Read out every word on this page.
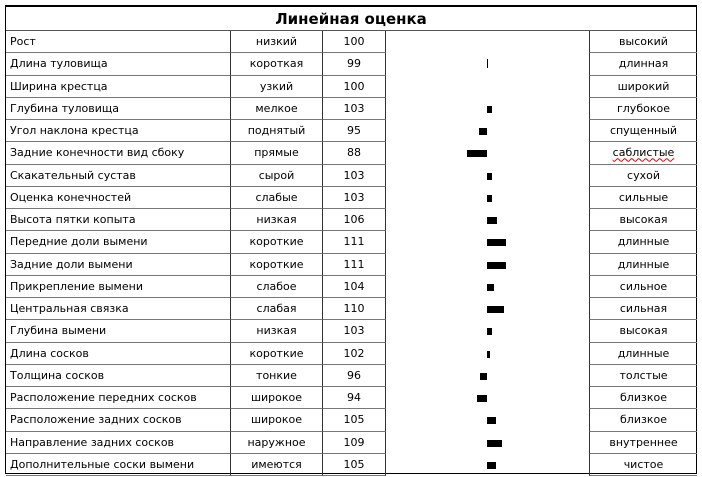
Линейная оценка
Рост	низкий	100	высокий
Длина туловища	короткая	99	длинная
Ширина крестца	узкий	100	широкий
Глубина туловища	мелкое	103	глубокое
Угол наклона крестца	поднятый	95	спущенный
Задние конечности вид сбоку	прямые	88	саблистые
Скакательный сустав	сырой	103	сухой
Оценка конечностей	слабые	103	сильные
Высота пятки копыта	низкая	106	высокая
Передние доли вымени	короткие	111	длинные
Задние доли вымени	короткие	111	длинные
Прикрепление вымени	слабое	104	сильное
Центральная связка	слабая	110	сильная
Глубина вымени	низкая	103	высокая
Длина сосков	короткие	102	длинные
Толщина сосков	тонкие	96	толстые
Расположение передних сосков	широкое	94	близкое
Расположение задних сосков	широкое	105	близкое
Направление задних сосков	наружное	109	внутреннее
Дополнительные соски вымени	имеются	105	чистое
